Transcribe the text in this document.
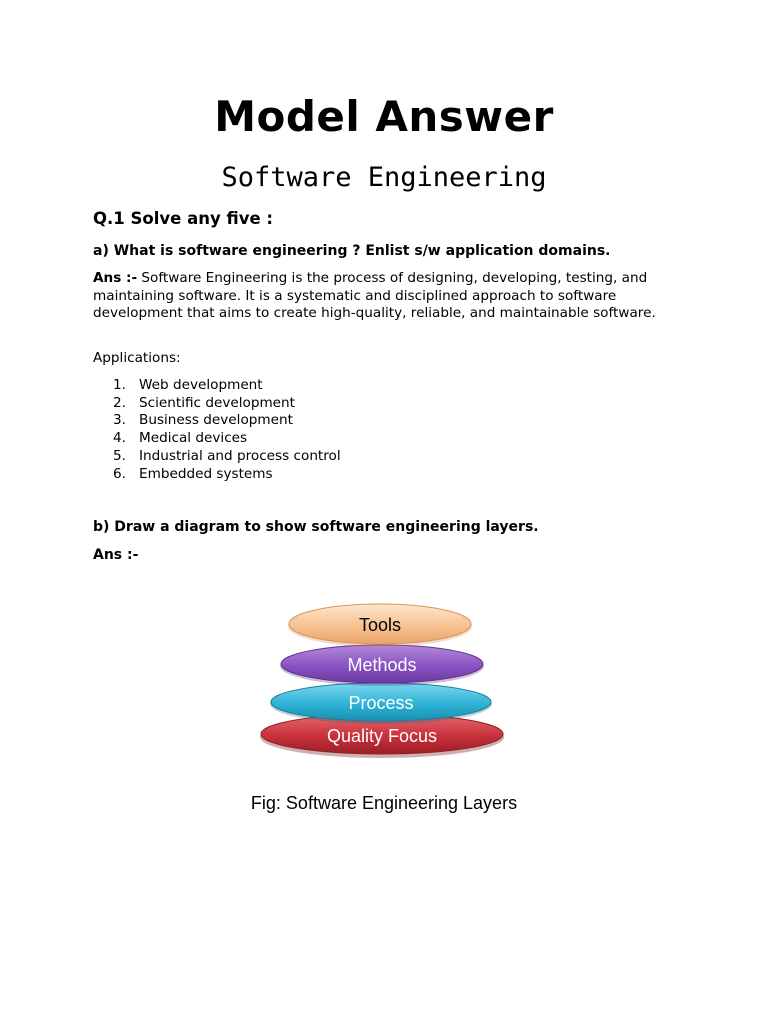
Model Answer
Software Engineering
Q.1 Solve any five :
a) What is software engineering ? Enlist s/w application domains.
Ans :- Software Engineering is the process of designing, developing, testing, and maintaining software. It is a systematic and disciplined approach to software development that aims to create high-quality, reliable, and maintainable software.
Applications:
1. Web development
2. Scientific development
3. Business development
4. Medical devices
5. Industrial and process control
6. Embedded systems
b) Draw a diagram to show software engineering layers.
Ans :-
Quality Focus
Process
Methods
Tools
Fig: Software Engineering Layers
